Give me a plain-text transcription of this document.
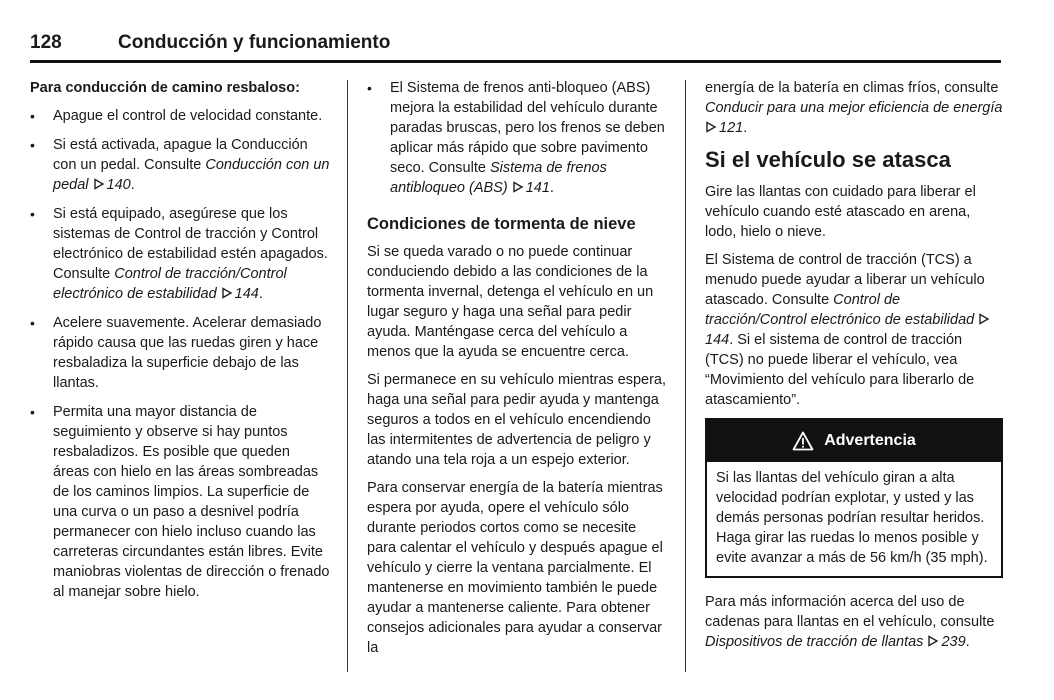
128	Conducción y funcionamiento

Para conducción de camino resbaloso:

• Apague el control de velocidad constante.
• Si está activada, apague la Conducción con un pedal. Consulte Conducción con un pedal 140.
• Si está equipado, asegúrese que los sistemas de Control de tracción y Control electrónico de estabilidad estén apagados. Consulte Control de tracción/Control electrónico de estabilidad 144.
• Acelere suavemente. Acelerar demasiado rápido causa que las ruedas giren y hace resbaladiza la superficie debajo de las llantas.
• Permita una mayor distancia de seguimiento y observe si hay puntos resbaladizos. Es posible que queden áreas con hielo en las áreas sombreadas de los caminos limpios. La superficie de una curva o un paso a desnivel podría permanecer con hielo incluso cuando las carreteras circundantes están libres. Evite maniobras violentas de dirección o frenado al manejar sobre hielo.
• El Sistema de frenos anti-bloqueo (ABS) mejora la estabilidad del vehículo durante paradas bruscas, pero los frenos se deben aplicar más rápido que sobre pavimento seco. Consulte Sistema de frenos antibloqueo (ABS) 141.
Condiciones de tormenta de nieve

Si se queda varado o no puede continuar conduciendo debido a las condiciones de la tormenta invernal, detenga el vehículo en un lugar seguro y haga una señal para pedir ayuda. Manténgase cerca del vehículo a menos que la ayuda se encuentre cerca.

Si permanece en su vehículo mientras espera, haga una señal para pedir ayuda y mantenga seguros a todos en el vehículo encendiendo las intermitentes de advertencia de peligro y atando una tela roja a un espejo exterior.

Para conservar energía de la batería mientras espera por ayuda, opere el vehículo sólo durante periodos cortos como se necesite para calentar el vehículo y después apague el vehículo y cierre la ventana parcialmente. El mantenerse en movimiento también le puede ayudar a mantenerse caliente. Para obtener consejos adicionales para ayudar a conservar la

energía de la batería en climas fríos, consulte Conducir para una mejor eficiencia de energía 121.

Si el vehículo se atasca

Gire las llantas con cuidado para liberar el vehículo cuando esté atascado en arena, lodo, hielo o nieve.

El Sistema de control de tracción (TCS) a menudo puede ayudar a liberar un vehículo atascado. Consulte Control de tracción/Control electrónico de estabilidad 144. Si el sistema de control de tracción (TCS) no puede liberar el vehículo, vea “Movimiento del vehículo para liberarlo de atascamiento”.

Advertencia
Si las llantas del vehículo giran a alta velocidad podrían explotar, y usted y las demás personas podrían resultar heridos. Haga girar las ruedas lo menos posible y evite avanzar a más de 56 km/h (35 mph).

Para más información acerca del uso de cadenas para llantas en el vehículo, consulte Dispositivos de tracción de llantas 239.
